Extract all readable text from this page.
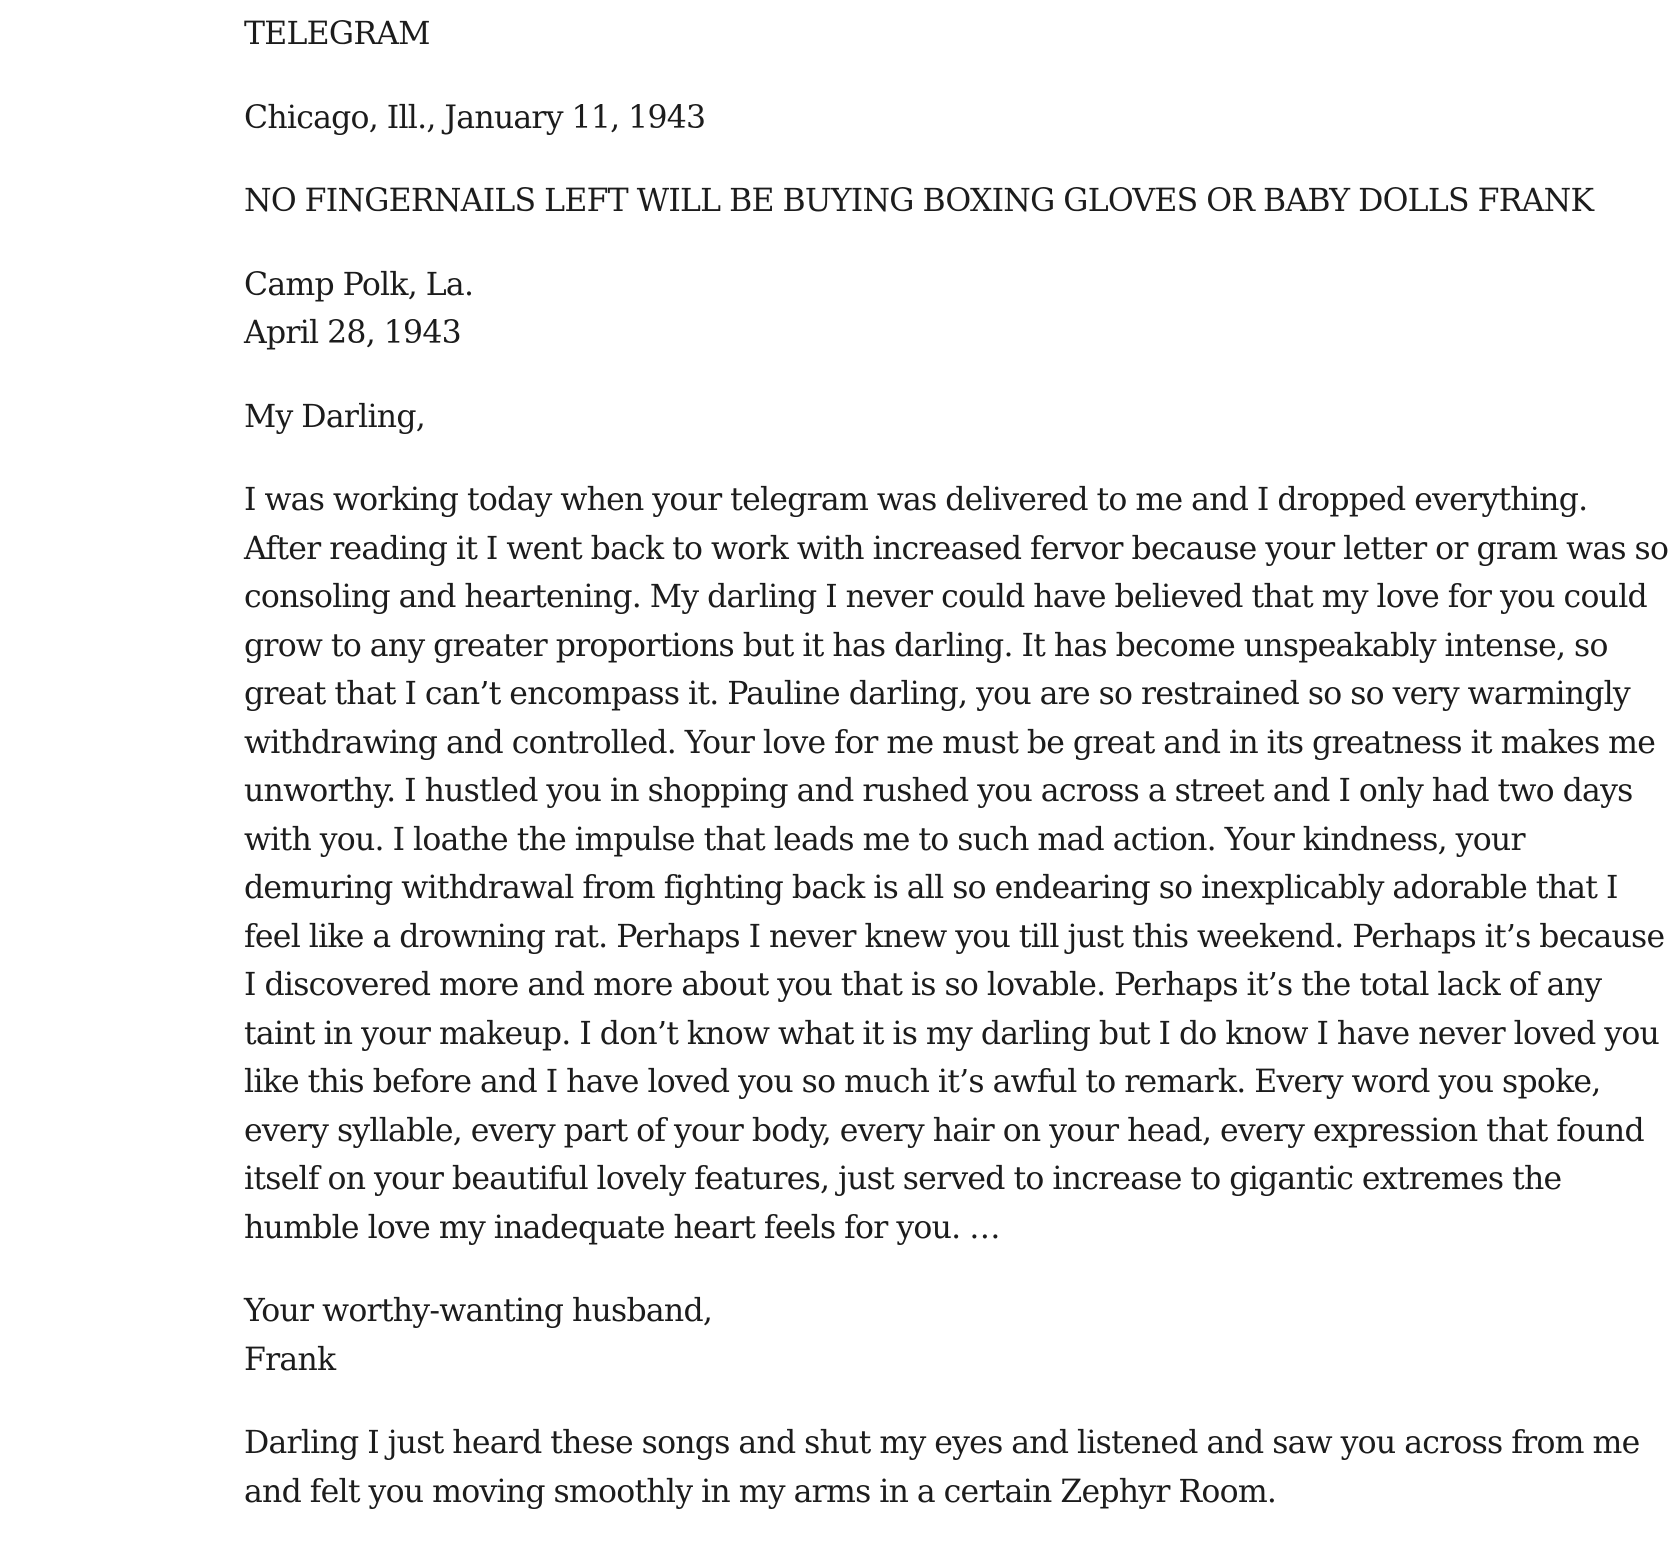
TELEGRAM

Chicago, Ill., January 11, 1943

NO FINGERNAILS LEFT WILL BE BUYING BOXING GLOVES OR BABY DOLLS FRANK

Camp Polk, La.

April 28, 1943

My Darling,

I was working today when your telegram was delivered to me and I dropped everything. After reading it I went back to work with increased fervor because your letter or gram was so consoling and heartening. My darling I never could have believed that my love for you could grow to any greater proportions but it has darling. It has become unspeakably intense, so great that I can’t encompass it. Pauline darling, you are so restrained so so very warmingly withdrawing and controlled. Your love for me must be great and in its greatness it makes me unworthy. I hustled you in shopping and rushed you across a street and I only had two days with you. I loathe the impulse that leads me to such mad action. Your kindness, your demuring withdrawal from fighting back is all so endearing so inexplicably adorable that I feel like a drowning rat. Perhaps I never knew you till just this weekend. Perhaps it’s because I discovered more and more about you that is so lovable. Perhaps it’s the total lack of any taint in your makeup. I don’t know what it is my darling but I do know I have never loved you like this before and I have loved you so much it’s awful to remark. Every word you spoke, every syllable, every part of your body, every hair on your head, every expression that found itself on your beautiful lovely features, just served to increase to gigantic extremes the humble love my inadequate heart feels for you. …

Your worthy-wanting husband,

Frank

Darling I just heard these songs and shut my eyes and listened and saw you across from me and felt you moving smoothly in my arms in a certain Zephyr Room.
